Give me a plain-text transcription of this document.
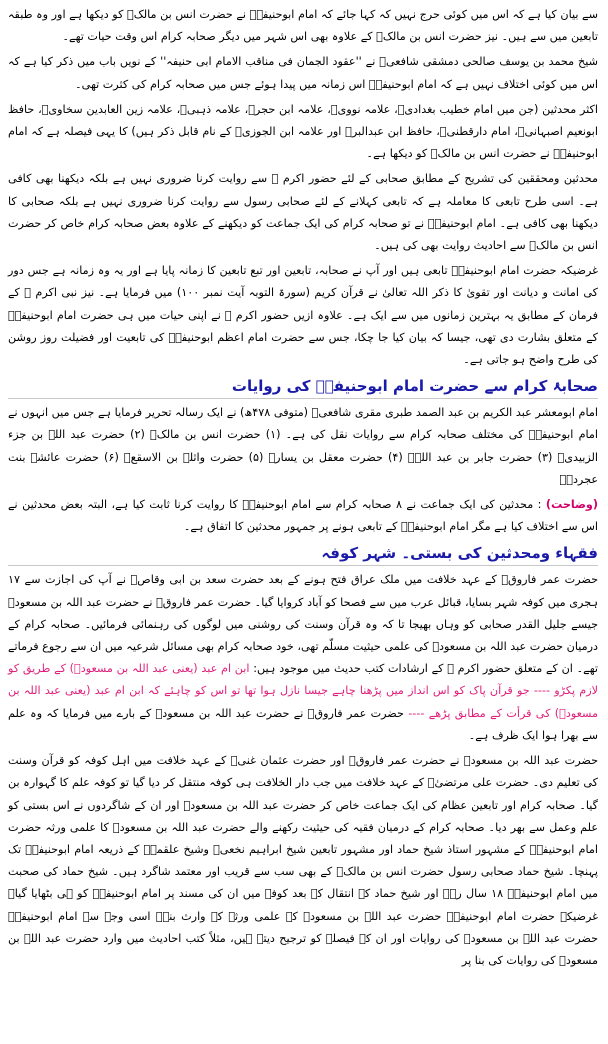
سے بیان کیا ہے کہ اس میں کوئی حرج نہیں کہ کہا جائے کہ امام ابوحنیفہؒ نے حضرت انس بن مالکؓ کو دیکھا ہے اور وہ طبقہ تابعین میں سے ہیں۔ نیز حضرت انس بن مالکؓ کے علاوہ بھی اس شہر میں دیگر صحابہ کرام اس وقت حیات تھے۔

شیخ محمد بن یوسف صالحی دمشقی شافعیؒ نے ''عقود الجمان فی مناقب الامام ابی حنیفہ'' کے نویں باب میں ذکر کیا ہے کہ اس میں کوئی اختلاف نہیں ہے کہ امام ابوحنیفہؒ اس زمانہ میں پیدا ہوئے جس میں صحابہ کرام کی کثرت تھی۔

اکثر محدثین (جن میں امام خطیب بغدادیؒ، علامہ نوویؒ، علامہ ابن حجرؒ، علامہ ذہبیؒ، علامہ زین العابدین سخاویؒ، حافظ ابونعیم اصبہانیؒ، امام دارقطنیؒ، حافظ ابن عبدالبرؒ اور علامہ ابن الجوزیؒ کے نام قابل ذکر ہیں) کا یہی فیصلہ ہے کہ امام ابوحنیفہؒ نے حضرت انس بن مالکؓ کو دیکھا ہے۔

محدثین ومحققین کی تشریح کے مطابق صحابی کے لئے حضور اکرم ﷺ سے روایت کرنا ضروری نہیں ہے بلکہ دیکھنا بھی کافی ہے۔ اسی طرح تابعی کا معاملہ ہے کہ تابعی کہلانے کے لئے صحابی رسول سے روایت کرنا ضروری نہیں ہے بلکہ صحابی کا دیکھنا بھی کافی ہے۔ امام ابوحنیفہؒ نے تو صحابہ کرام کی ایک جماعت کو دیکھنے کے علاوہ بعض صحابہ کرام خاص کر حضرت انس بن مالکؓ سے احادیث روایت بھی کی ہیں۔

غرضیکہ حضرت امام ابوحنیفہؒ تابعی ہیں اور آپ نے صحابہ، تابعین اور تبع تابعین کا زمانہ پایا ہے اور یہ وہ زمانہ ہے جس دور کی امانت و دیانت اور تقویٰ کا ذکر اللہ تعالیٰ نے قرآن کریم (سورۃ التوبہ آیت نمبر ۱۰۰) میں فرمایا ہے۔ نیز نبی اکرم ﷺ کے فرمان کے مطابق یہ بہترین زمانوں میں سے ایک ہے۔ علاوہ ازیں حضور اکرم ﷺ نے اپنی حیات میں ہی حضرت امام ابوحنیفہؒ کے متعلق بشارت دی تھی، جیسا کہ بیان کیا جا چکا، جس سے حضرت امام اعظم ابوحنیفہؒ کی تابعیت اور فضیلت روز روشن کی طرح واضح ہو جاتی ہے۔

صحابۂ کرام سے حضرت امام ابوحنیفہؒ کی روایات

امام ابومعشر عبد الکریم بن عبد الصمد طبری مقری شافعیؒ (متوفی ۴۷۸ھ) نے ایک رسالہ تحریر فرمایا ہے جس میں انہوں نے امام ابوحنیفہؒ کی مختلف صحابہ کرام سے روایات نقل کی ہے۔ (۱) حضرت انس بن مالکؓ (۲) حضرت عبد اللہ بن جزء الزبیدیؓ (۳) حضرت جابر بن عبد اللہؓ (۴) حضرت معقل بن یسارؓ (۵) حضرت واثلہ بن الاسقعؓ (۶) حضرت عائشہ بنت عجردؓ۔

(وضاحت) : محدثین کی ایک جماعت نے ۸ صحابہ کرام سے امام ابوحنیفہؒ کا روایت کرنا ثابت کیا ہے، البتہ بعض محدثین نے اس سے اختلاف کیا ہے مگر امام ابوحنیفہؒ کے تابعی ہونے پر جمہور محدثین کا اتفاق ہے۔

فقہاء ومحدثین کی بستی۔ شہر کوفہ

حضرت عمر فاروقؓ کے عہد خلافت میں ملک عراق فتح ہونے کے بعد حضرت سعد بن ابی وقاصؓ نے آپ کی اجازت سے ۱۷ ہجری میں کوفہ شہر بسایا، قبائل عرب میں سے فصحا کو آباد کروایا گیا۔ حضرت عمر فاروقؓ نے حضرت عبد اللہ بن مسعودؓ جیسے جلیل القدر صحابی کو وہاں بھیجا تا کہ وہ قرآن وسنت کی روشنی میں لوگوں کی رہنمائی فرمائیں۔ صحابہ کرام کے درمیان حضرت عبد اللہ بن مسعودؓ کی علمی حیثیت مسلّم تھی، خود صحابہ کرام بھی مسائل شرعیہ میں ان سے رجوع فرماتے تھے۔ ان کے متعلق حضور اکرم ﷺ کے ارشادات کتب حدیث میں موجود ہیں: ابن ام عبد (یعنی عبد اللہ بن مسعودؓ) کے طریق کو لازم پکڑو ---- جو قرآن پاک کو اس انداز میں پڑھنا چاہے جیسا نازل ہوا تھا تو اس کو چاہئے کہ ابن ام عبد (یعنی عبد اللہ بن مسعودؓ) کی قرأت کے مطابق پڑھے ---- حضرت عمر فاروقؓ نے حضرت عبد اللہ بن مسعودؓ کے بارے میں فرمایا کہ وہ علم سے بھرا ہوا ایک ظرف ہے۔

حضرت عبد اللہ بن مسعودؓ نے حضرت عمر فاروقؓ اور حضرت عثمان غنیؓ کے عہد خلافت میں اہل کوفہ کو قرآن وسنت کی تعلیم دی۔ حضرت علی مرتضیٰؓ کے عہد خلافت میں جب دار الخلافت ہی کوفہ منتقل کر دیا گیا تو کوفہ علم کا گہوارہ بن گیا۔ صحابہ کرام اور تابعین عظام کی ایک جماعت خاص کر حضرت عبد اللہ بن مسعودؓ اور ان کے شاگردوں نے اس بستی کو علم وعمل سے بھر دیا۔ صحابہ کرام کے درمیان فقیہ کی حیثیت رکھنے والے حضرت عبد اللہ بن مسعودؓ کا علمی ورثہ حضرت امام ابوحنیفہؒ کے مشہور استاذ شیخ حماد اور مشہور تابعین شیخ ابراہیم نخعیؒ وشیخ علقمہؒ کے ذریعہ امام ابوحنیفہؒ تک پہنچا۔ شیخ حماد صحابی رسول حضرت انس بن مالکؓ کے بھی سب سے قریب اور معتمد شاگرد ہیں۔ شیخ حماد کی صحبت میں امام ابوحنیفہؒ ۱۸ سال رہے اور شیخ حماد کے انتقال کے بعد کوفہ میں ان کی مسند پر امام ابوحنیفہؒ کو ہی بٹھایا گیا۔ غرضیکہ حضرت امام ابوحنیفہؒ حضرت عبد اللہ بن مسعودؓ کے علمی ورثہ کے وارث بنے۔ اسی وجہ سے امام ابوحنیفہؒ حضرت عبد اللہ بن مسعودؓ کی روایات اور ان کے فیصلہ کو ترجیح دیتے ہیں، مثلاً کتب احادیث میں وارد حضرت عبد اللہ بن مسعودؓ کی روایات کی بنا پر
